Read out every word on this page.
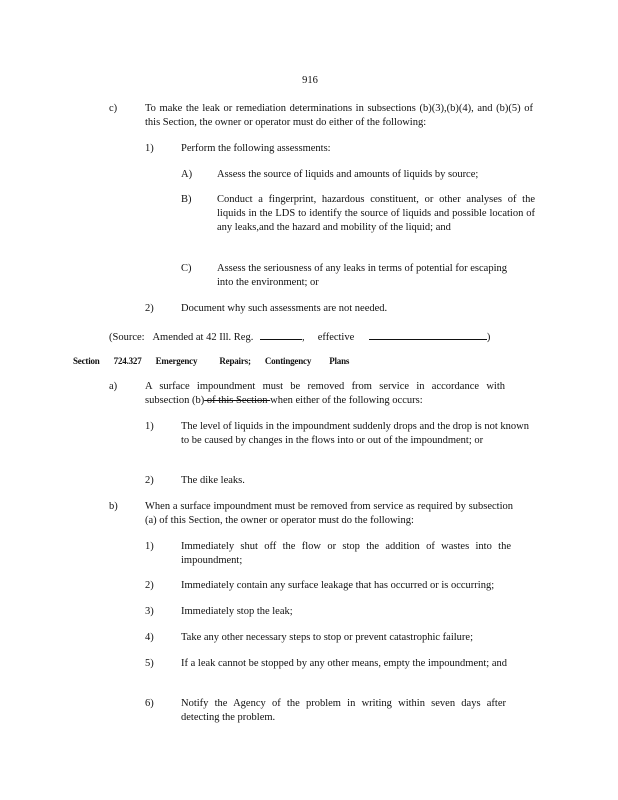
916
c)	To make the leak or remediation determinations in subsections (b)(3),(b)(4), and (b)(5) of this Section, the owner or operator must do either of the following:
1)	Perform the following assessments:
A) Assess the source of liquids and amounts of liquids by source;
B) Conduct a fingerprint, hazardous constituent, or other analyses of the liquids in the LDS to identify the source of liquids and possible location of any leaks,and the hazard and mobility of the liquid; and
C) Assess the seriousness of any leaks in terms of potential for escaping into the environment; or
2)	Document why such assessments are not needed.
(Source: Amended at 42 Ill. Reg.	, effective	)
Section 724.327 Emergency Repairs; Contingency Plans
a)	A surface impoundment must be removed from service in accordance with subsection (b) of this Section when either of the following occurs:
1)	The level of liquids in the impoundment suddenly drops and the drop is not known to be caused by changes in the flows into or out of the impoundment; or
2)	The dike leaks.
b)	When a surface impoundment must be removed from service as required by subsection (a) of this Section, the owner or operator must do the following:
1)	Immediately shut off the flow or stop the addition of wastes into the impoundment;
2)	Immediately contain any surface leakage that has occurred or is occurring;
3)	Immediately stop the leak;
4)	Take any other necessary steps to stop or prevent catastrophic failure;
5)	If a leak cannot be stopped by any other means, empty the impoundment; and
6)	Notify the Agency of the problem in writing within seven days after detecting the problem.
